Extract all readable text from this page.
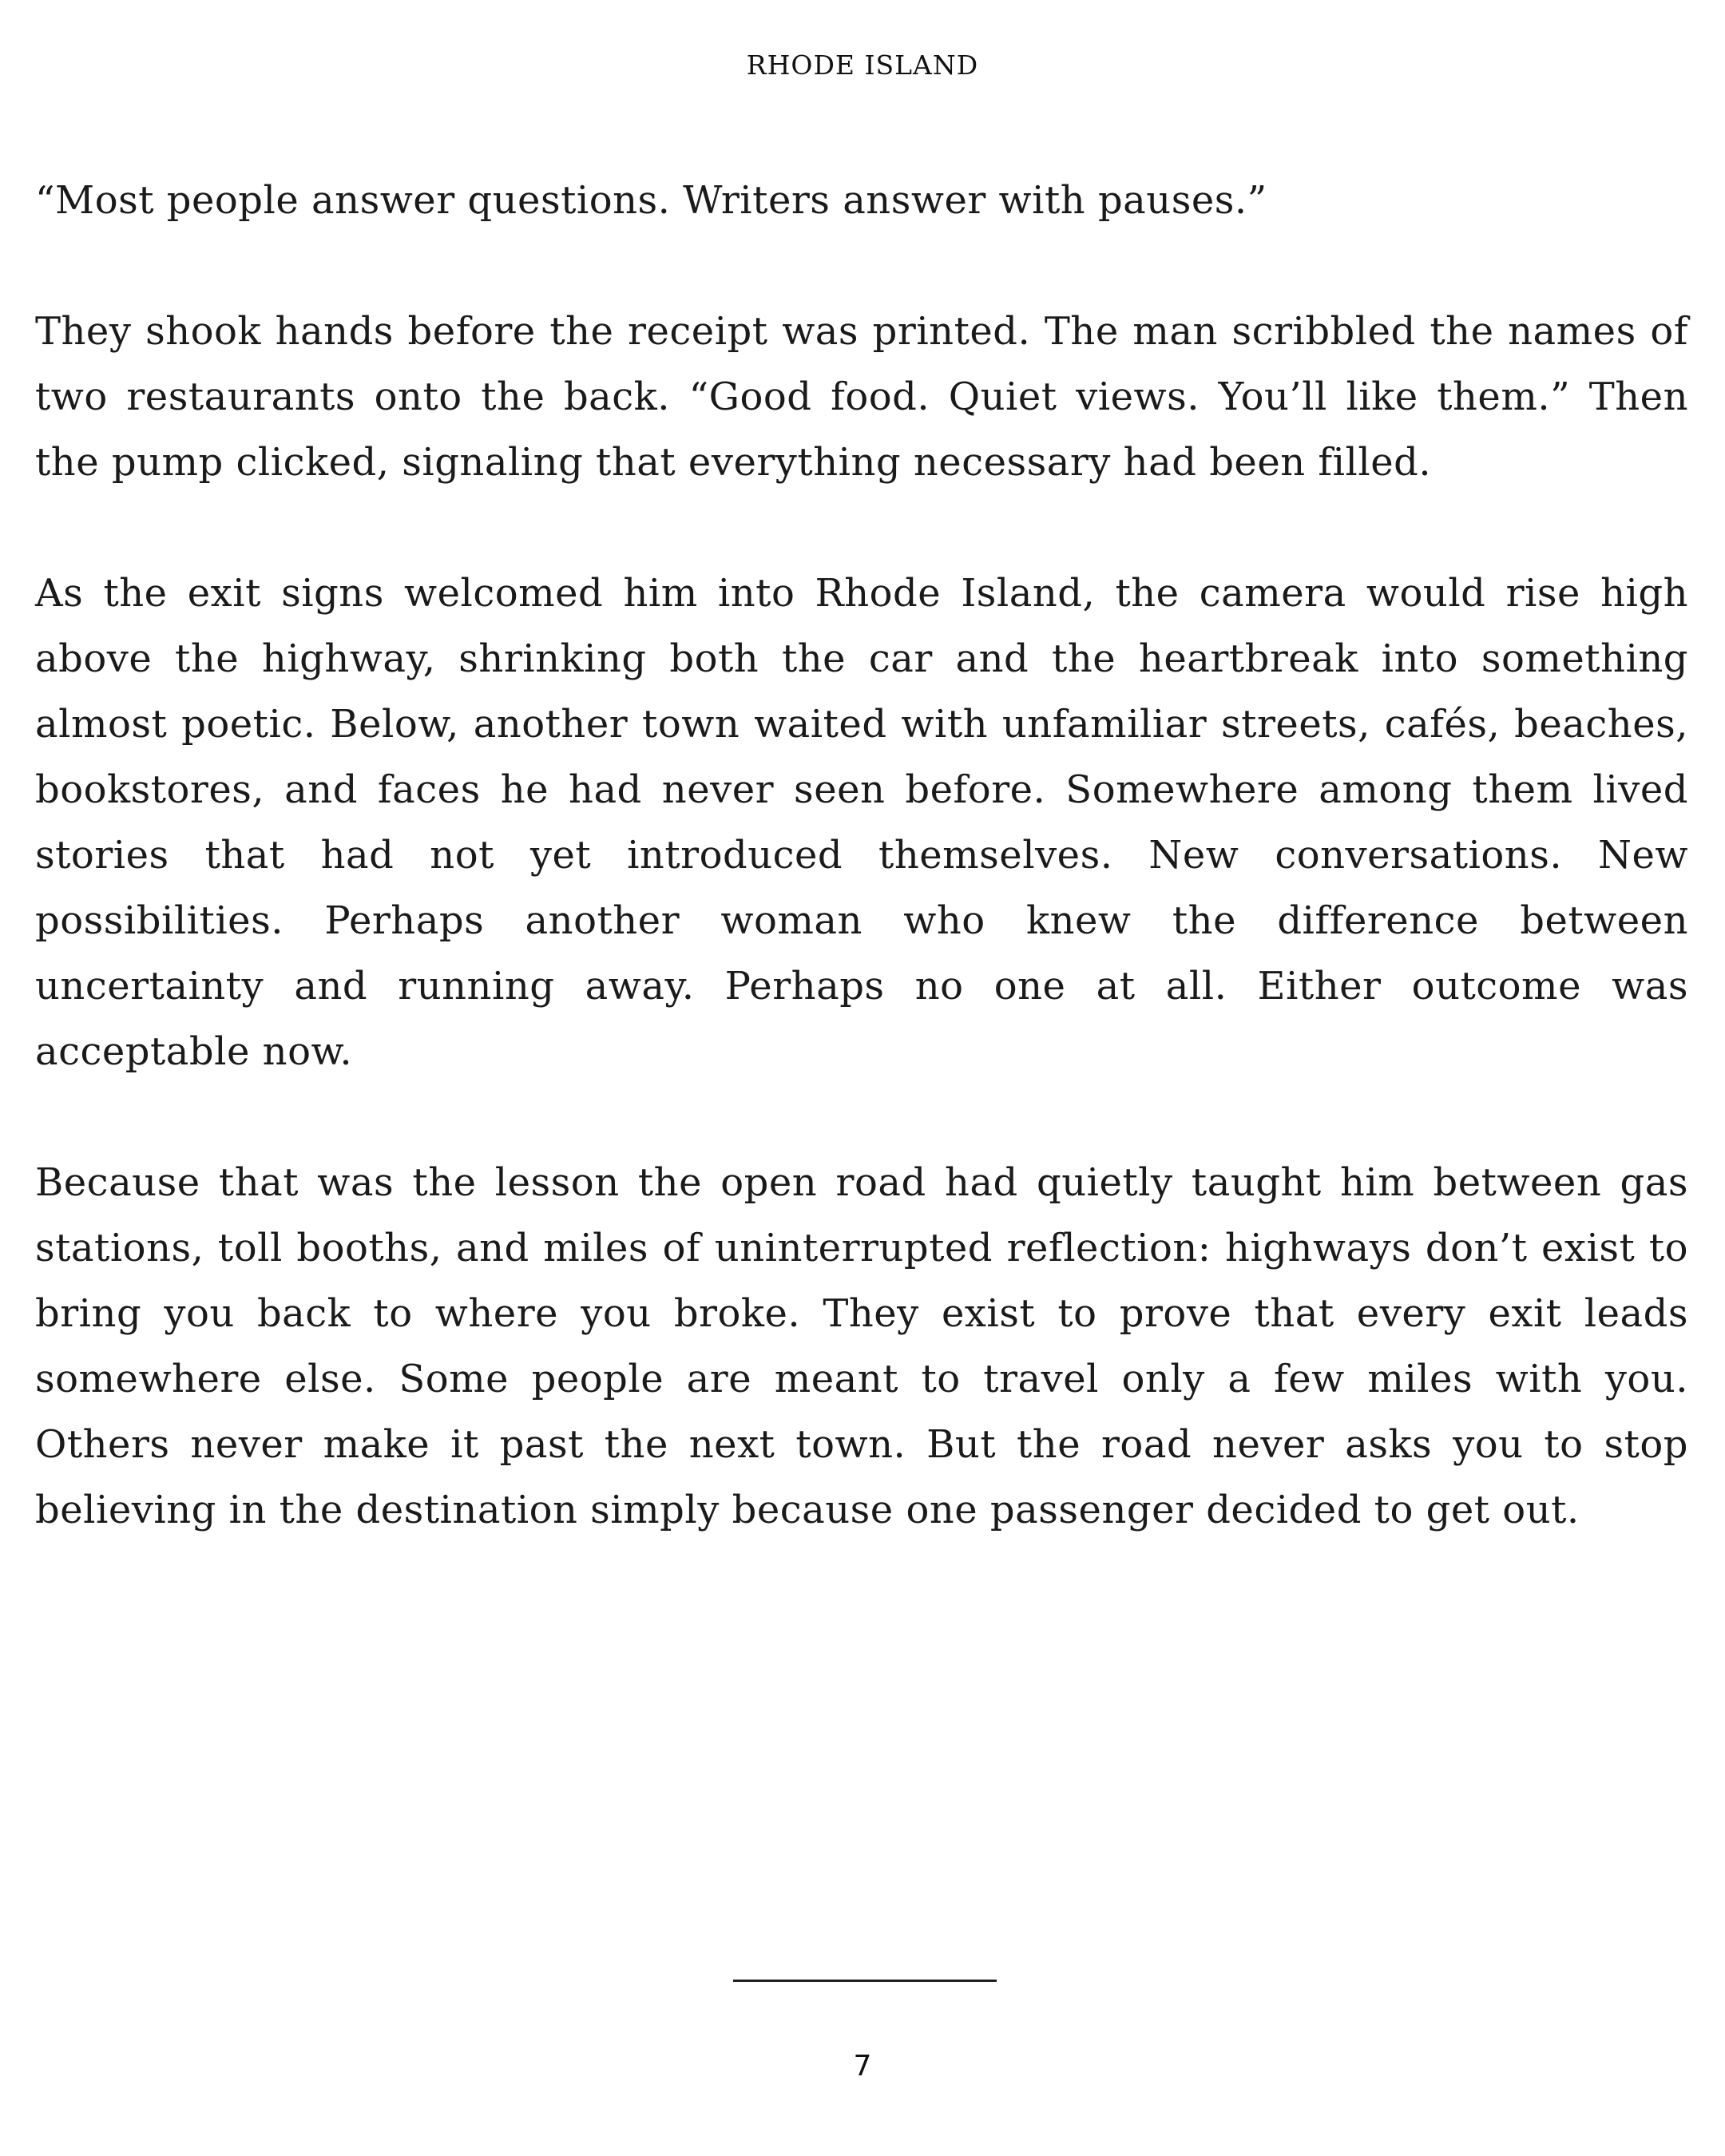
RHODE ISLAND

“Most people answer questions. Writers answer with pauses.”

They shook hands before the receipt was printed. The man scribbled the names of two restaurants onto the back. “Good food. Quiet views. You’ll like them.” Then the pump clicked, signaling that everything necessary had been filled.

As the exit signs welcomed him into Rhode Island, the camera would rise high above the highway, shrinking both the car and the heartbreak into something almost poetic. Below, another town waited with unfamiliar streets, cafés, beaches, bookstores, and faces he had never seen before. Somewhere among them lived stories that had not yet introduced themselves. New conversations. New possibilities. Perhaps another woman who knew the difference between uncertainty and running away. Perhaps no one at all. Either outcome was acceptable now.

Because that was the lesson the open road had quietly taught him between gas stations, toll booths, and miles of uninterrupted reflection: highways don’t exist to bring you back to where you broke. They exist to prove that every exit leads somewhere else. Some people are meant to travel only a few miles with you. Others never make it past the next town. But the road never asks you to stop believing in the destination simply because one passenger decided to get out.

7
